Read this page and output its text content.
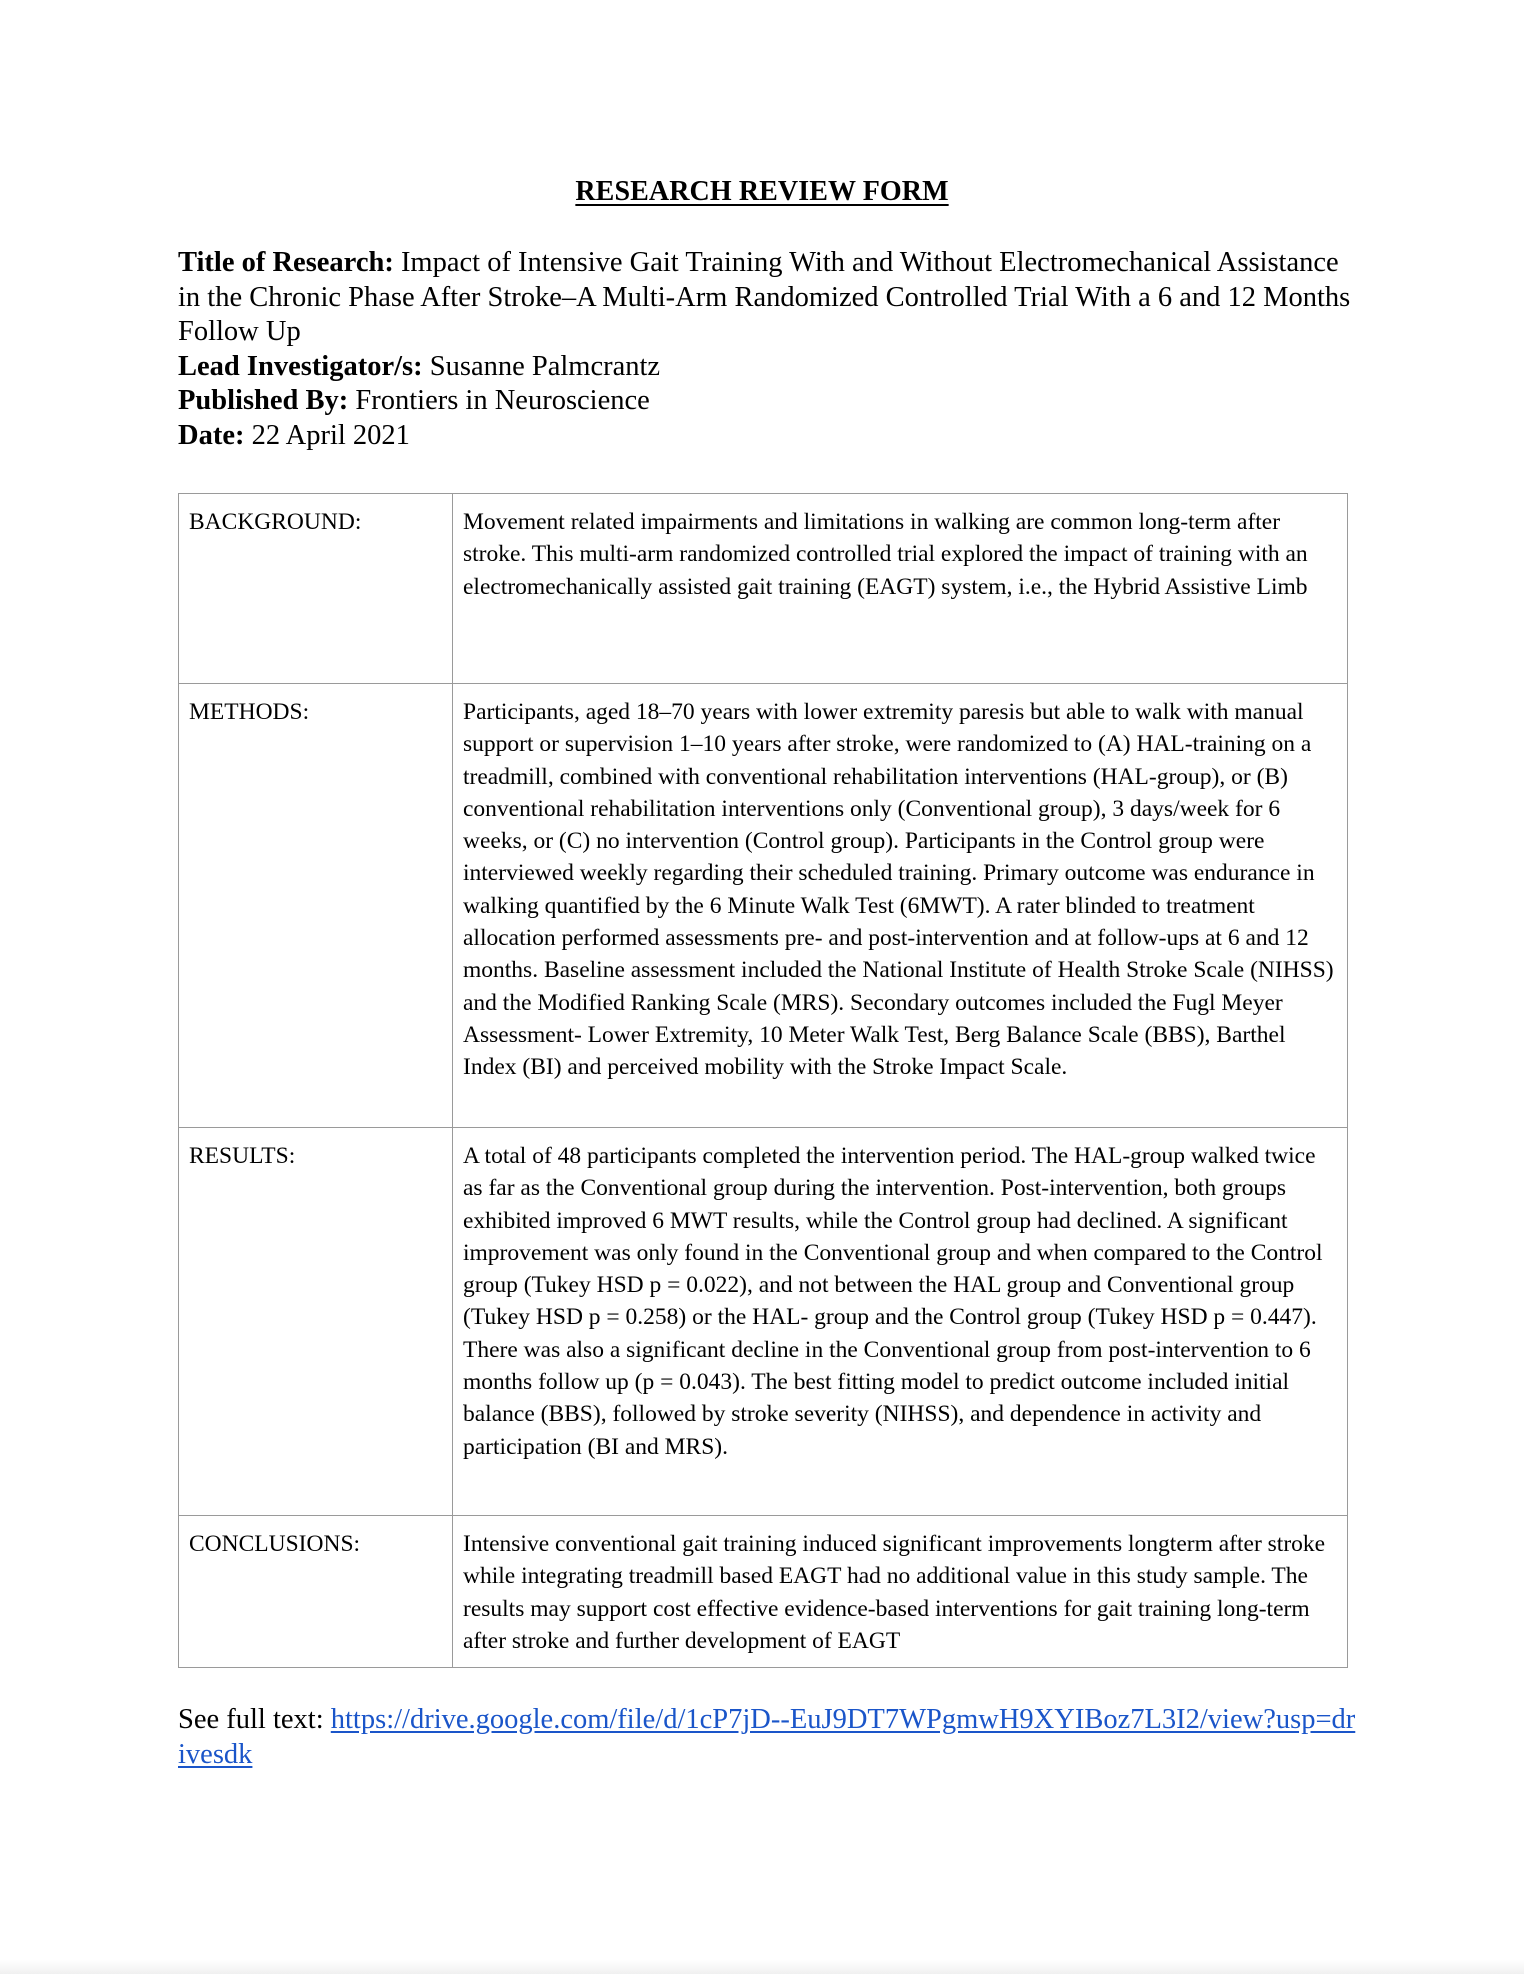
RESEARCH REVIEW FORM
Title of Research: Impact of Intensive Gait Training With and Without Electromechanical Assistance in the Chronic Phase After Stroke–A Multi-Arm Randomized Controlled Trial With a 6 and 12 Months Follow Up
Lead Investigator/s: Susanne Palmcrantz
Published By: Frontiers in Neuroscience
Date: 22 April 2021
BACKGROUND:	Movement related impairments and limitations in walking are common long-term after stroke. This multi-arm randomized controlled trial explored the impact of training with an electromechanically assisted gait training (EAGT) system, i.e., the Hybrid Assistive Limb
METHODS:	Participants, aged 18–70 years with lower extremity paresis but able to walk with manual support or supervision 1–10 years after stroke, were randomized to (A) HAL-training on a treadmill, combined with conventional rehabilitation interventions (HAL-group), or (B) conventional rehabilitation interventions only (Conventional group), 3 days/week for 6 weeks, or (C) no intervention (Control group). Participants in the Control group were interviewed weekly regarding their scheduled training. Primary outcome was endurance in walking quantified by the 6 Minute Walk Test (6MWT). A rater blinded to treatment allocation performed assessments pre- and post-intervention and at follow-ups at 6 and 12 months. Baseline assessment included the National Institute of Health Stroke Scale (NIHSS) and the Modified Ranking Scale (MRS). Secondary outcomes included the Fugl Meyer Assessment- Lower Extremity, 10 Meter Walk Test, Berg Balance Scale (BBS), Barthel Index (BI) and perceived mobility with the Stroke Impact Scale.
RESULTS:	A total of 48 participants completed the intervention period. The HAL-group walked twice as far as the Conventional group during the intervention. Post-intervention, both groups exhibited improved 6 MWT results, while the Control group had declined. A significant improvement was only found in the Conventional group and when compared to the Control group (Tukey HSD p = 0.022), and not between the HAL group and Conventional group (Tukey HSD p = 0.258) or the HAL- group and the Control group (Tukey HSD p = 0.447). There was also a significant decline in the Conventional group from post-intervention to 6 months follow up (p = 0.043). The best fitting model to predict outcome included initial balance (BBS), followed by stroke severity (NIHSS), and dependence in activity and participation (BI and MRS).
CONCLUSIONS:	Intensive conventional gait training induced significant improvements longterm after stroke while integrating treadmill based EAGT had no additional value in this study sample. The results may support cost effective evidence-based interventions for gait training long-term after stroke and further development of EAGT
See full text: https://drive.google.com/file/d/1cP7jD--EuJ9DT7WPgmwH9XYIBoz7L3I2/view?usp=drivesdk
